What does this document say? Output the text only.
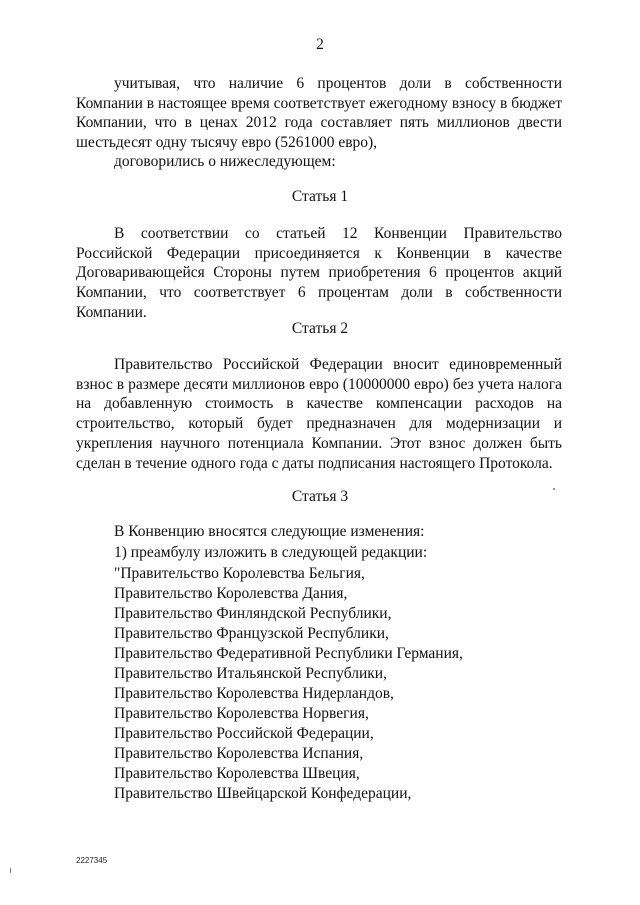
2
учитывая, что наличие 6 процентов доли в собственности Компании в настоящее время соответствует ежегодному взносу в бюджет Компании, что в ценах 2012 года составляет пять миллионов двести шестьдесят одну тысячу евро (5261000 евро),
договорились о нижеследующем:
Статья 1
В соответствии со статьей 12 Конвенции Правительство Российской Федерации присоединяется к Конвенции в качестве Договаривающейся Стороны путем приобретения 6 процентов акций Компании, что соответствует 6 процентам доли в собственности Компании.
Статья 2
Правительство Российской Федерации вносит единовременный взнос в размере десяти миллионов евро (10000000 евро) без учета налога на добавленную стоимость в качестве компенсации расходов на строительство, который будет предназначен для модернизации и укрепления научного потенциала Компании. Этот взнос должен быть сделан в течение одного года с даты подписания настоящего Протокола.
Статья 3
В Конвенцию вносятся следующие изменения:
1) преамбулу изложить в следующей редакции:
"Правительство Королевства Бельгия,
Правительство Королевства Дания,
Правительство Финляндской Республики,
Правительство Французской Республики,
Правительство Федеративной Республики Германия,
Правительство Итальянской Республики,
Правительство Королевства Нидерландов,
Правительство Королевства Норвегия,
Правительство Российской Федерации,
Правительство Королевства Испания,
Правительство Королевства Швеция,
Правительство Швейцарской Конфедерации,
2227345
